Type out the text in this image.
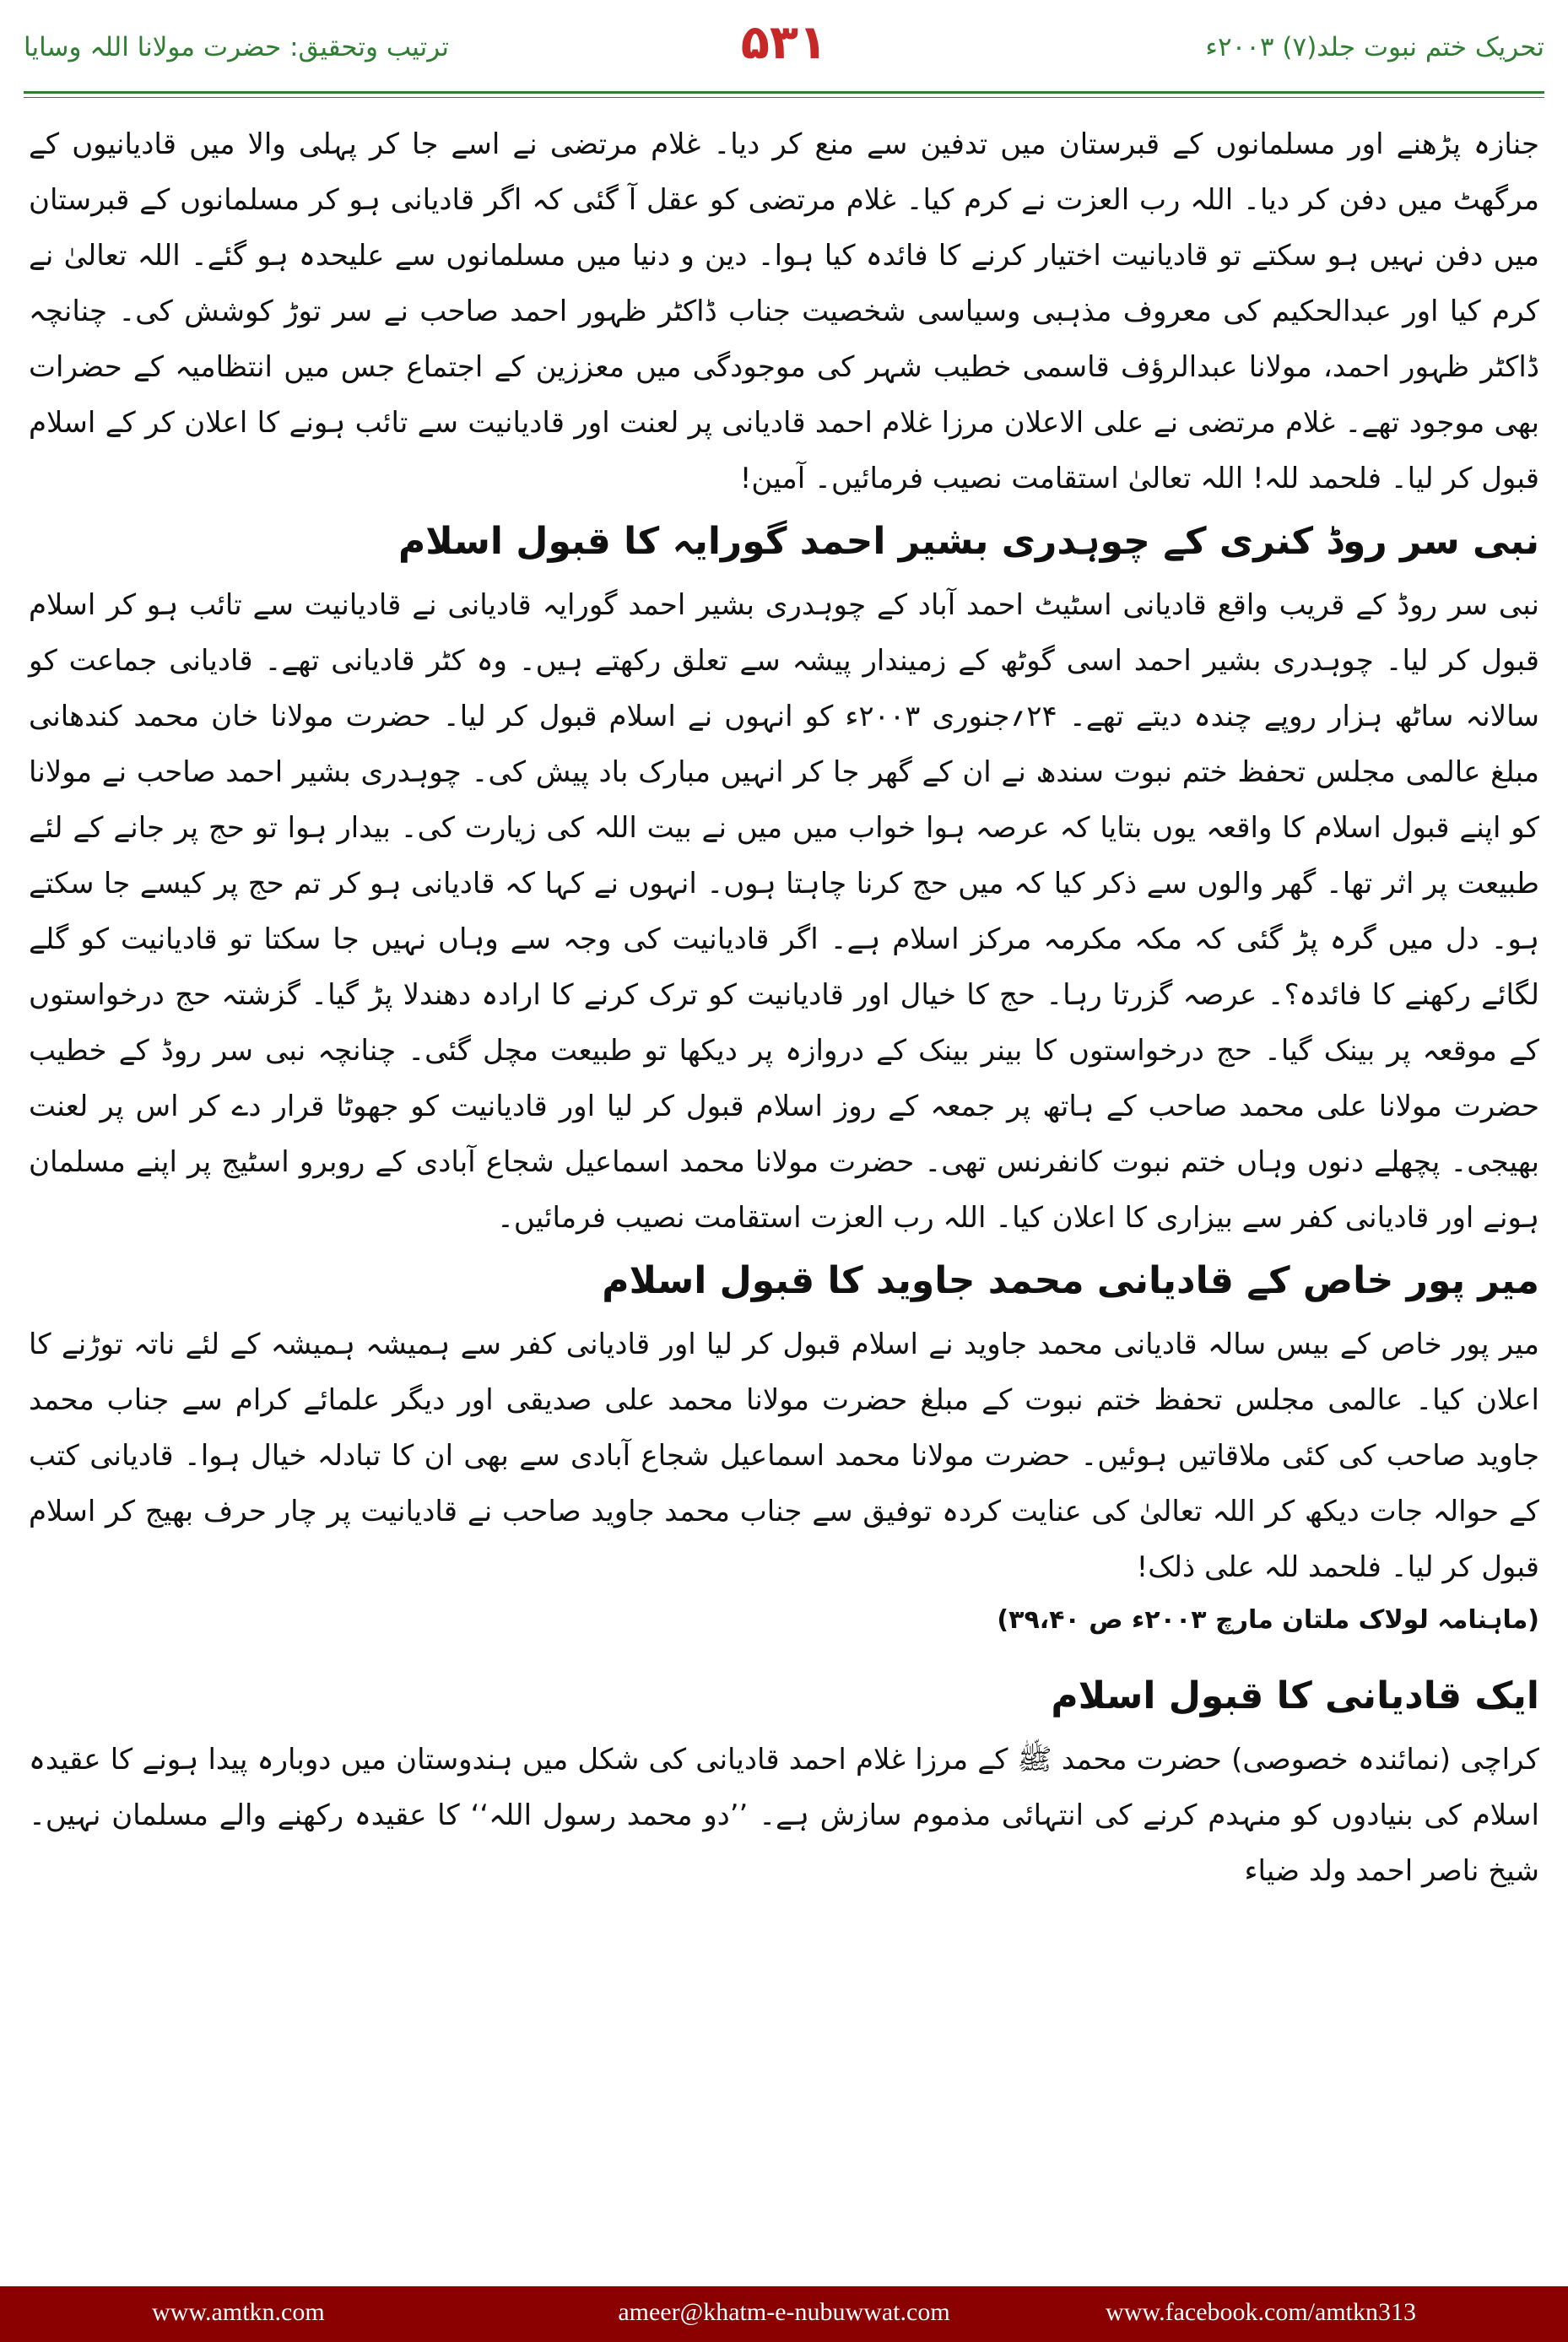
تحریک ختم نبوت جلد(۷) ۲۰۰۳ء
۵۳۱
ترتیب وتحقیق: حضرت مولانا اللہ وسایا

جنازہ پڑھنے اور مسلمانوں کے قبرستان میں تدفین سے منع کر دیا۔ غلام مرتضی نے اسے جا کر پہلی والا میں قادیانیوں کے مرگھٹ میں دفن کر دیا۔ اللہ رب العزت نے کرم کیا۔ غلام مرتضی کو عقل آ گئی کہ اگر قادیانی ہو کر مسلمانوں کے قبرستان میں دفن نہیں ہو سکتے تو قادیانیت اختیار کرنے کا فائدہ کیا ہوا۔ دین و دنیا میں مسلمانوں سے علیحدہ ہو گئے۔ اللہ تعالیٰ نے کرم کیا اور عبدالحکیم کی معروف مذہبی وسیاسی شخصیت جناب ڈاکٹر ظہور احمد صاحب نے سر توڑ کوشش کی۔ چنانچہ ڈاکٹر ظہور احمد، مولانا عبدالرؤف قاسمی خطیب شہر کی موجودگی میں معززین کے اجتماع جس میں انتظامیہ کے حضرات بھی موجود تھے۔ غلام مرتضی نے علی الاعلان مرزا غلام احمد قادیانی پر لعنت اور قادیانیت سے تائب ہونے کا اعلان کر کے اسلام قبول کر لیا۔ فلحمد للہ! اللہ تعالیٰ استقامت نصیب فرمائیں۔ آمین!

نبی سر روڈ کنری کے چوہدری بشیر احمد گورایہ کا قبول اسلام

نبی سر روڈ کے قریب واقع قادیانی اسٹیٹ احمد آباد کے چوہدری بشیر احمد گورایہ قادیانی نے قادیانیت سے تائب ہو کر اسلام قبول کر لیا۔ چوہدری بشیر احمد اسی گوٹھ کے زمیندار پیشہ سے تعلق رکھتے ہیں۔ وہ کٹر قادیانی تھے۔ قادیانی جماعت کو سالانہ ساٹھ ہزار روپے چندہ دیتے تھے۔ ۲۴؍جنوری ۲۰۰۳ء کو انہوں نے اسلام قبول کر لیا۔ حضرت مولانا خان محمد کندھانی مبلغ عالمی مجلس تحفظ ختم نبوت سندھ نے ان کے گھر جا کر انہیں مبارک باد پیش کی۔ چوہدری بشیر احمد صاحب نے مولانا کو اپنے قبول اسلام کا واقعہ یوں بتایا کہ عرصہ ہوا خواب میں میں نے بیت اللہ کی زیارت کی۔ بیدار ہوا تو حج پر جانے کے لئے طبیعت پر اثر تھا۔ گھر والوں سے ذکر کیا کہ میں حج کرنا چاہتا ہوں۔ انہوں نے کہا کہ قادیانی ہو کر تم حج پر کیسے جا سکتے ہو۔ دل میں گرہ پڑ گئی کہ مکہ مکرمہ مرکز اسلام ہے۔ اگر قادیانیت کی وجہ سے وہاں نہیں جا سکتا تو قادیانیت کو گلے لگائے رکھنے کا فائدہ؟۔ عرصہ گزرتا رہا۔ حج کا خیال اور قادیانیت کو ترک کرنے کا ارادہ دھندلا پڑ گیا۔ گزشتہ حج درخواستوں کے موقعہ پر بینک گیا۔ حج درخواستوں کا بینر بینک کے دروازہ پر دیکھا تو طبیعت مچل گئی۔ چنانچہ نبی سر روڈ کے خطیب حضرت مولانا علی محمد صاحب کے ہاتھ پر جمعہ کے روز اسلام قبول کر لیا اور قادیانیت کو جھوٹا قرار دے کر اس پر لعنت بھیجی۔ پچھلے دنوں وہاں ختم نبوت کانفرنس تھی۔ حضرت مولانا محمد اسماعیل شجاع آبادی کے روبرو اسٹیج پر اپنے مسلمان ہونے اور قادیانی کفر سے بیزاری کا اعلان کیا۔ اللہ رب العزت استقامت نصیب فرمائیں۔

میر پور خاص کے قادیانی محمد جاوید کا قبول اسلام

میر پور خاص کے بیس سالہ قادیانی محمد جاوید نے اسلام قبول کر لیا اور قادیانی کفر سے ہمیشہ ہمیشہ کے لئے ناتہ توڑنے کا اعلان کیا۔ عالمی مجلس تحفظ ختم نبوت کے مبلغ حضرت مولانا محمد علی صدیقی اور دیگر علمائے کرام سے جناب محمد جاوید صاحب کی کئی ملاقاتیں ہوئیں۔ حضرت مولانا محمد اسماعیل شجاع آبادی سے بھی ان کا تبادلہ خیال ہوا۔ قادیانی کتب کے حوالہ جات دیکھ کر اللہ تعالیٰ کی عنایت کردہ توفیق سے جناب محمد جاوید صاحب نے قادیانیت پر چار حرف بھیج کر اسلام قبول کر لیا۔ فلحمد للہ علی ذلک!

(ماہنامہ لولاک ملتان مارچ ۲۰۰۳ء ص ۳۹،۴۰)

ایک قادیانی کا قبول اسلام

کراچی (نمائندہ خصوصی) حضرت محمد ﷺ کے مرزا غلام احمد قادیانی کی شکل میں ہندوستان میں دوبارہ پیدا ہونے کا عقیدہ اسلام کی بنیادوں کو منہدم کرنے کی انتہائی مذموم سازش ہے۔ ’’دو محمد رسول اللہ‘‘ کا عقیدہ رکھنے والے مسلمان نہیں۔ شیخ ناصر احمد ولد ضیاء

www.amtkn.com	ameer@khatm-e-nubuwwat.com	www.facebook.com/amtkn313
